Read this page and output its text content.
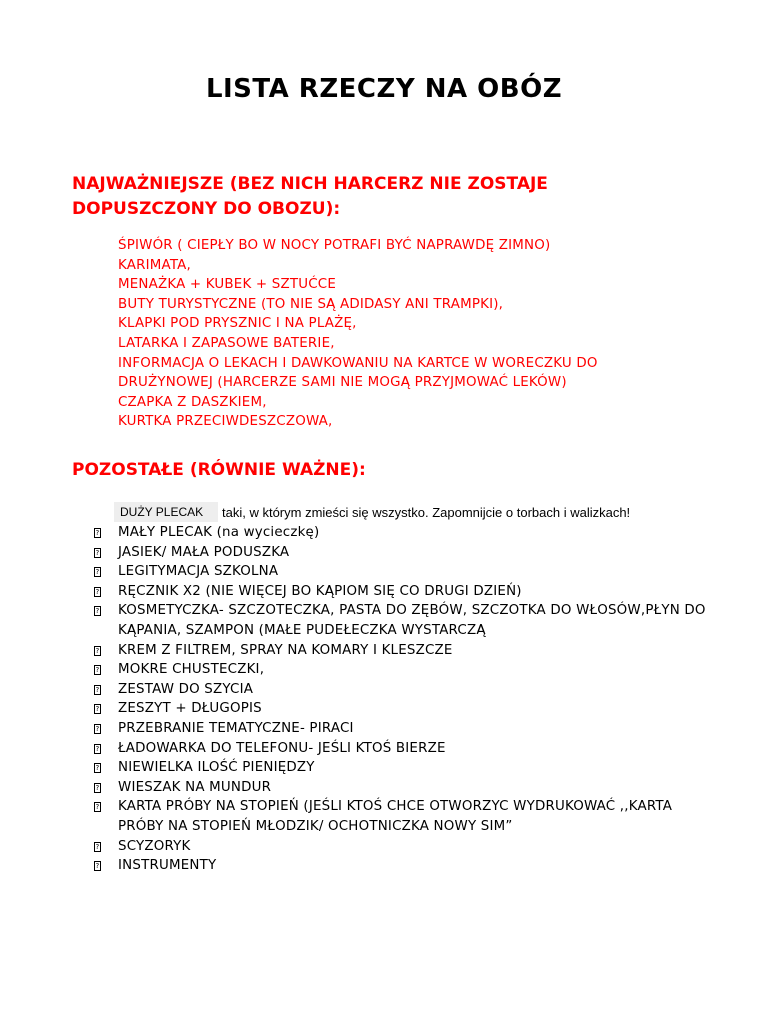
LISTA RZECZY NA OBÓZ
NAJWAŻNIEJSZE (BEZ NICH HARCERZ NIE ZOSTAJE DOPUSZCZONY DO OBOZU):
ŚPIWÓR ( CIEPŁY BO W NOCY POTRAFI BYĆ NAPRAWDĘ ZIMNO)
KARIMATA,
MENAŻKA + KUBEK + SZTUĆCE
BUTY TURYSTYCZNE (TO NIE SĄ ADIDASY ANI TRAMPKI),
KLAPKI POD PRYSZNIC I NA PLAŻĘ,
LATARKA I ZAPASOWE BATERIE,
INFORMACJA O LEKACH I DAWKOWANIU NA KARTCE W WORECZKU DO
DRUŻYNOWEJ (HARCERZE SAMI NIE MOGĄ PRZYJMOWAĆ LEKÓW)
CZAPKA Z DASZKIEM,
KURTKA PRZECIWDESZCZOWA,
POZOSTAŁE (RÓWNIE WAŻNE):
DUŻY PLECAK	taki, w którym zmieści się wszystko. Zapomnijcie o torbach i walizkach!
? MAŁY PLECAK (na wycieczkę)
? JASIEK/ MAŁA PODUSZKA
? LEGITYMACJA SZKOLNA
? RĘCZNIK X2 (NIE WIĘCEJ BO KĄPIOM SIĘ CO DRUGI DZIEŃ)
? KOSMETYCZKA- SZCZOTECZKA, PASTA DO ZĘBÓW, SZCZOTKA DO WŁOSÓW,PŁYN DO KĄPANIA, SZAMPON (MAŁE PUDEŁECZKA WYSTARCZĄ
? KREM Z FILTREM, SPRAY NA KOMARY I KLESZCZE
? MOKRE CHUSTECZKI,
? ZESTAW DO SZYCIA
? ZESZYT + DŁUGOPIS
? PRZEBRANIE TEMATYCZNE- PIRACI
? ŁADOWARKA DO TELEFONU- JEŚLI KTOŚ BIERZE
? NIEWIELKA ILOŚĆ PIENIĘDZY
? WIESZAK NA MUNDUR
? KARTA PRÓBY NA STOPIEŃ (JEŚLI KTOŚ CHCE OTWORZYC WYDRUKOWAĆ ,,KARTA PRÓBY NA STOPIEŃ MŁODZIK/ OCHOTNICZKA NOWY SIM”
? SCYZORYK
? INSTRUMENTY
